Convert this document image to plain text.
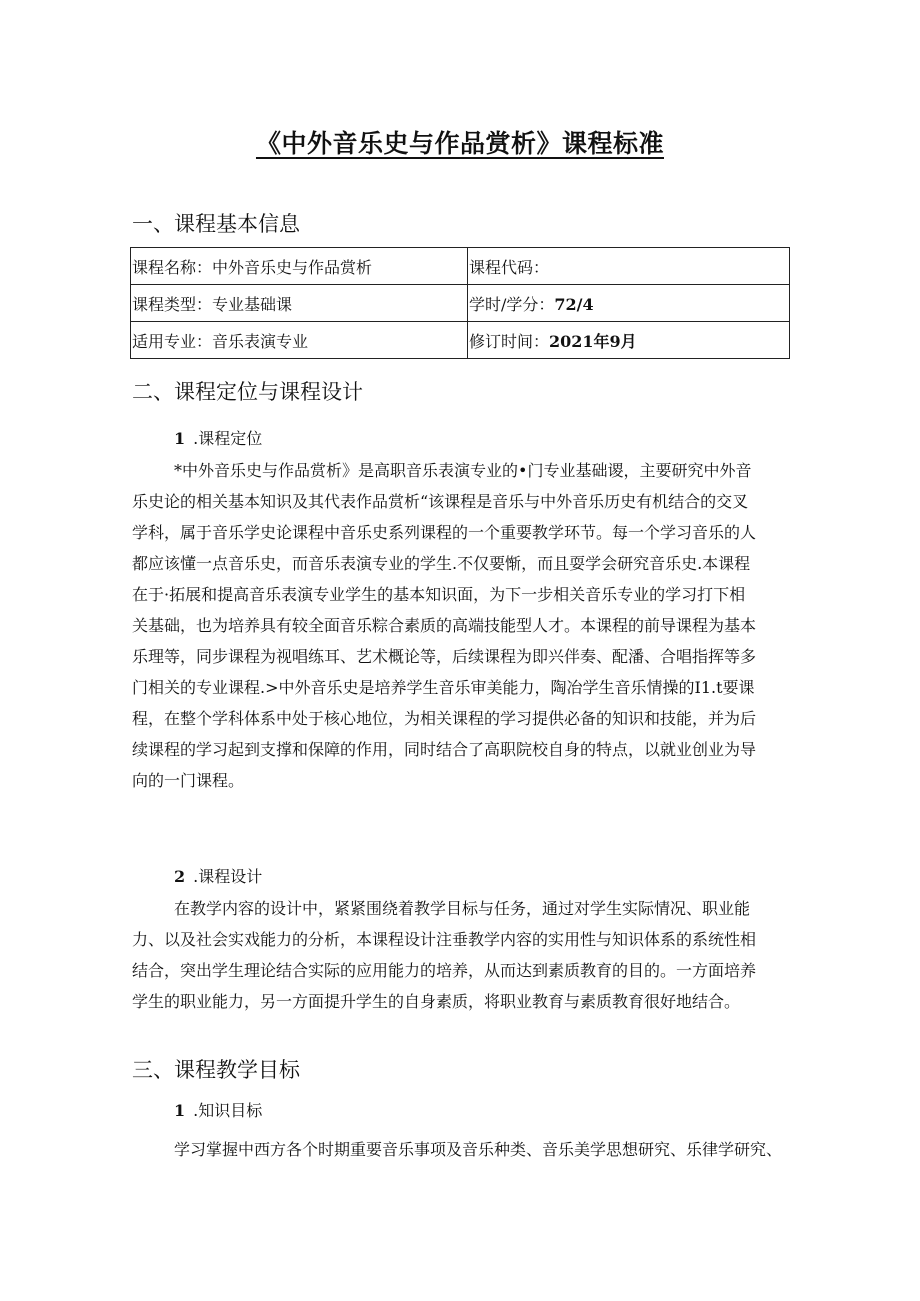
《中外音乐史与作品赏析》课程标准
一、课程基本信息
课程名称：中外音乐史与作品赏析	课程代码：
课程类型：专业基础课	学时/学分：72/4
适用专业：音乐表演专业	修订时间：2021年9月
二、课程定位与课程设计
1 .课程定位
*中外音乐史与作品赏析》是高职音乐表演专业的•门专业基础谡，主要研究中外音
乐史论的相关基本知识及其代表作品赏析“该课程是音乐与中外音乐历史有机结合的交叉
学科，属于音乐学史论课程中音乐史系列课程的一个重要教学环节。每一个学习音乐的人
都应该懂一点音乐史，而音乐表演专业的学生.不仅要惭，而且耍学会研究音乐史.本课程
在于·拓展和提高音乐表演专业学生的基本知识面，为下一步相关音乐专业的学习打下相
关基础，也为培养具有较全面音乐粽合素质的高端技能型人才。本课程的前导课程为基本
乐理等，同步课程为视唱练耳、艺术概论等，后续课程为即兴伴奏、配潘、合唱指挥等多
门相关的专业课程.>中外音乐史是培养学生音乐审美能力，陶冶学生音乐情操的I1.t要课
程，在整个学科体系中处于核心地位，为相关课程的学习提供必备的知识和技能，并为后
续课程的学习起到支撑和保障的作用，同时结合了高职院校自身的特点，以就业创业为导
向的一门课程。
2 .课程设计
在教学内容的设计中，紧紧围绕着教学目标与任务，通过对学生实际情况、职业能
力、以及社会实戏能力的分析，本课程设计注垂教学内容的实用性与知识体系的系统性相
结合，突出学生理论结合实际的应用能力的培养，从而达到素质教育的目的。一方面培养
学生的职业能力，另一方面提升学生的自身素质，将职业教育与素质教育很好地结合。
三、课程教学目标
1 .知识目标
学习掌握中西方各个时期重要音乐事项及音乐种类、音乐美学思想研究、乐律学研究、
